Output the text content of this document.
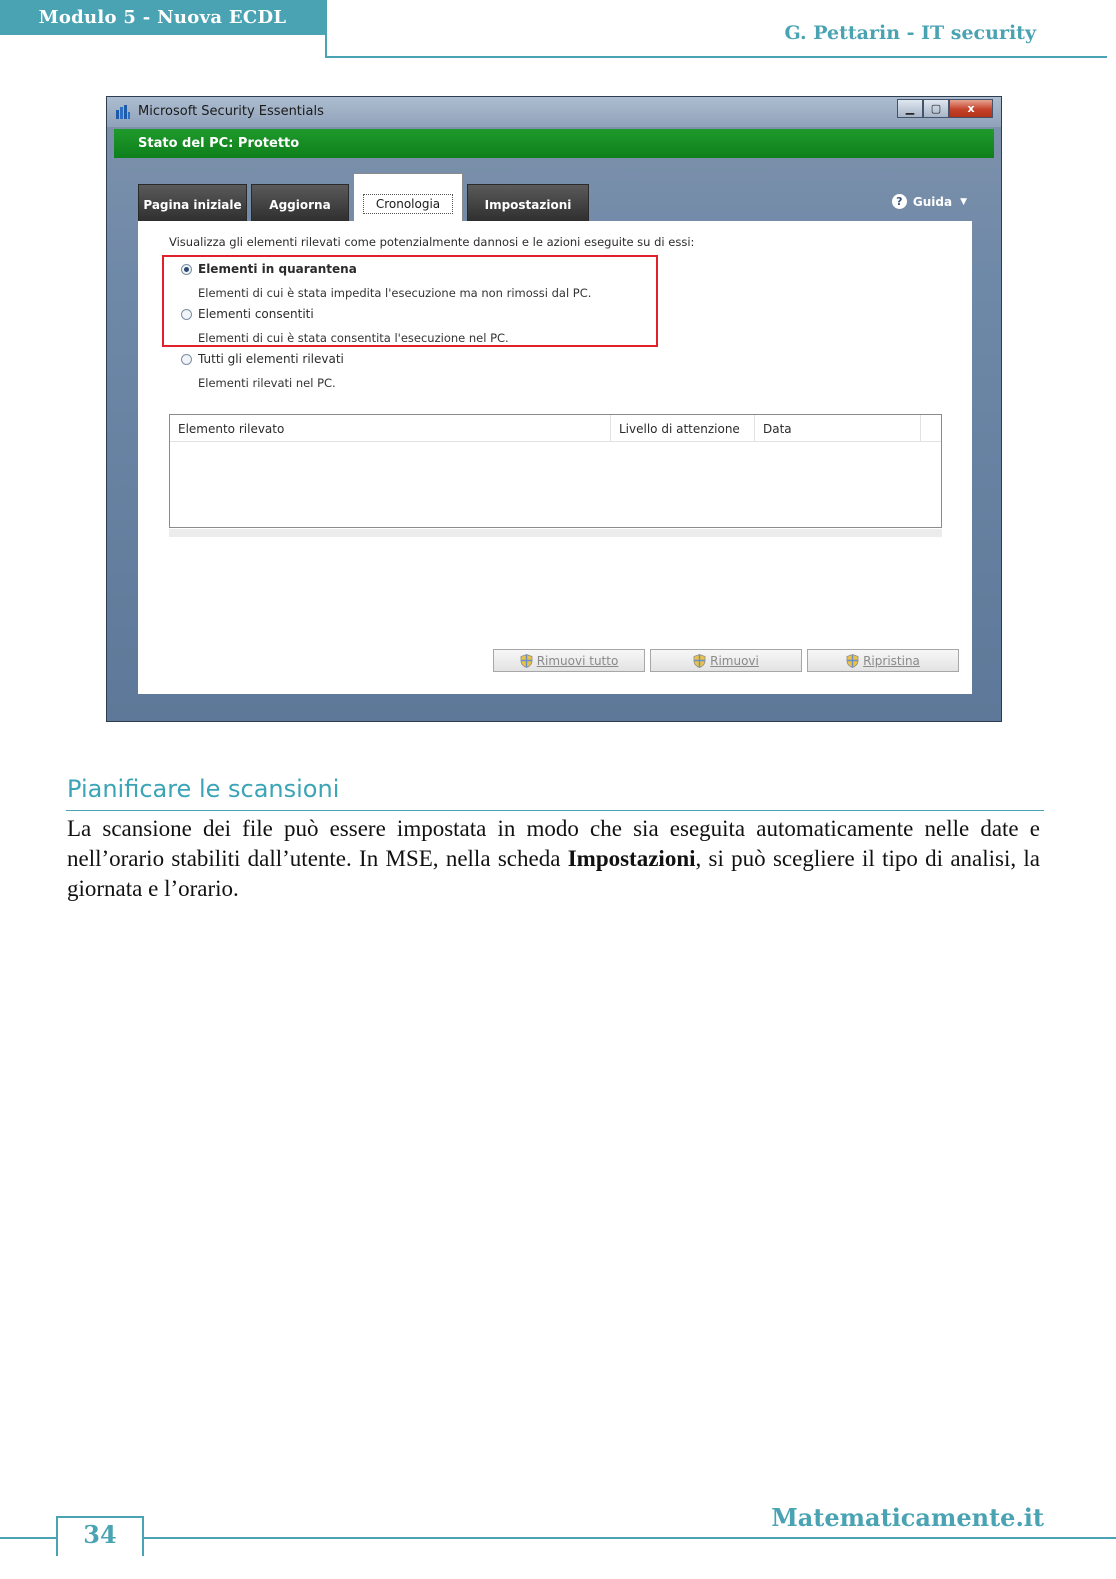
Modulo 5 - Nuova ECDL
G. Pettarin - IT security
Microsoft Security Essentials	▁	▢	x
Stato del PC: Protetto
Pagina iniziale	Aggiorna	Cronologia	Impostazioni	? Guida ▼
Visualizza gli elementi rilevati come potenzialmente dannosi e le azioni eseguite su di essi:
Elementi in quarantena
Elementi di cui è stata impedita l'esecuzione ma non rimossi dal PC.
Elementi consentiti
Elementi di cui è stata consentita l'esecuzione nel PC.
Tutti gli elementi rilevati
Elementi rilevati nel PC.
Elemento rilevato	Livello di attenzione	Data
Rimuovi tutto	Rimuovi	Ripristina
Pianificare le scansioni
La scansione dei file può essere impostata in modo che sia eseguita automaticamente nelle date e nell’orario stabiliti dall’utente. In MSE, nella scheda Impostazioni, si può scegliere il tipo di analisi, la giornata e l’orario.
34
Matematicamente.it
